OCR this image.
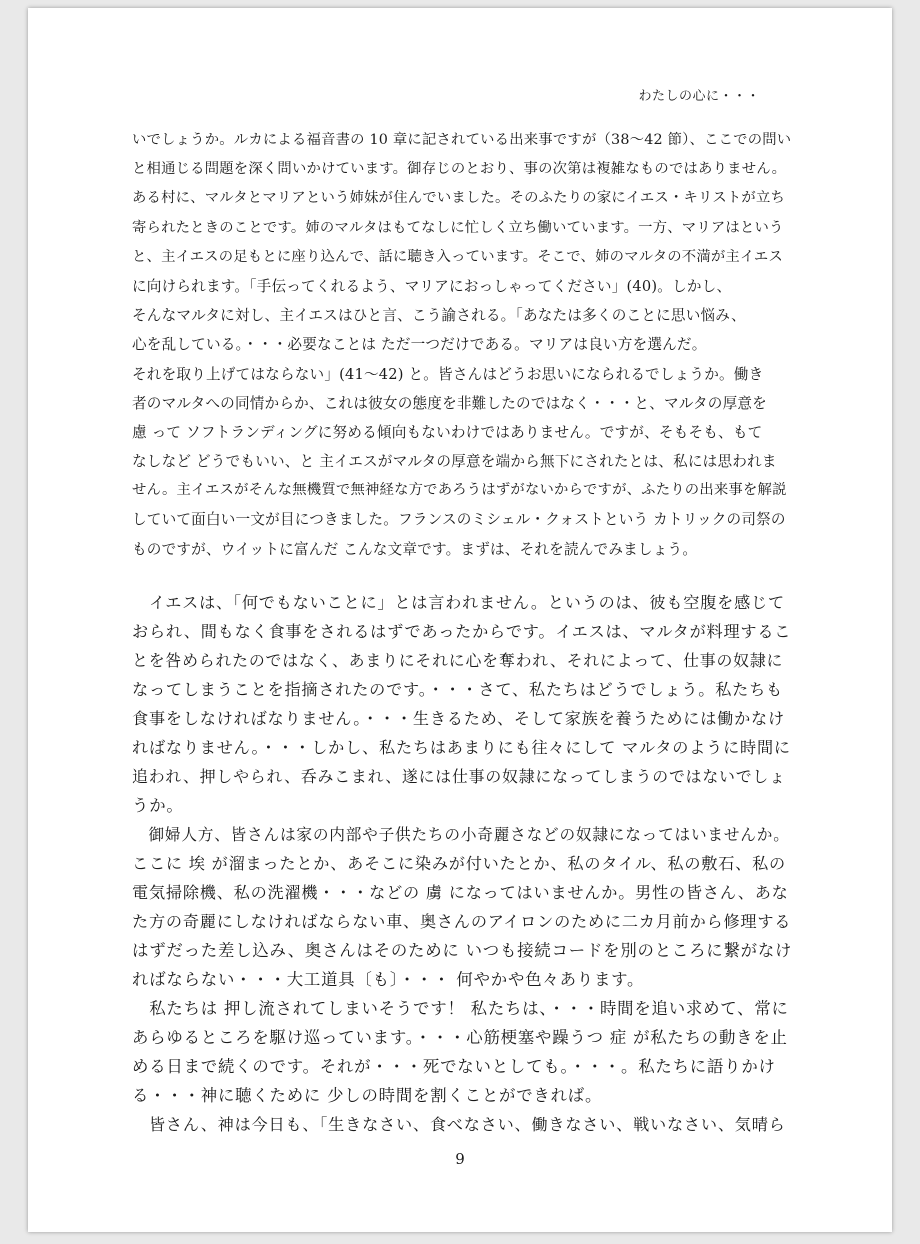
わたしの心に・・・

いでしょうか。ルカによる福音書の 10 章に記されている出来事ですが（38～42 節）、ここでの問い

と相通じる問題を深く問いかけています。御存じのとおり、事の次第は複雑なものではありません。

ある村に、マルタとマリアという姉妹が住んでいました。そのふたりの家にイエス・キリストが立ち

寄られたときのことです。姉のマルタはもてなしに忙しく立ち働いています。一方、マリアはという

と、主イエスの足もとに座り込んで、話に聴き入っています。そこで、姉のマルタの不満が主イエス

に向けられます。「手伝ってくれるよう、マリアにおっしゃってください」(40)。しかし、

そんなマルタに対し、主イエスはひと言、こう諭される。「あなたは多くのことに思い悩み、

心を乱している。・・・必要なことは ただ一つだけである。マリアは良い方を選んだ。

それを取り上げてはならない」(41～42) と。皆さんはどうお思いになられるでしょうか。働き

者のマルタへの同情からか、これは彼女の態度を非難したのではなく・・・と、マルタの厚意を

慮 って ソフトランディングに努める傾向もないわけではありません。ですが、そもそも、もて

なしなど どうでもいい、と 主イエスがマルタの厚意を端から無下にされたとは、私には思われま

せん。主イエスがそんな無機質で無神経な方であろうはずがないからですが、ふたりの出来事を解説

していて面白い一文が目につきました。フランスのミシェル・クォストという カトリックの司祭の

ものですが、ウイットに富んだ こんな文章です。まずは、それを読んでみましょう。

　イエスは、「何でもないことに」とは言われません。というのは、彼も空腹を感じて

おられ、間もなく食事をされるはずであったからです。イエスは、マルタが料理するこ

とを咎められたのではなく、あまりにそれに心を奪われ、それによって、仕事の奴隷に

なってしまうことを指摘されたのです。・・・さて、私たちはどうでしょう。私たちも

食事をしなければなりません。・・・生きるため、そして家族を養うためには働かなけ

ればなりません。・・・しかし、私たちはあまりにも往々にして マルタのように時間に

追われ、押しやられ、呑みこまれ、遂には仕事の奴隷になってしまうのではないでしょ

うか。

　御婦人方、皆さんは家の内部や子供たちの小奇麗さなどの奴隷になってはいませんか。

ここに 埃 が溜まったとか、あそこに染みが付いたとか、私のタイル、私の敷石、私の

電気掃除機、私の洗濯機・・・などの 虜 になってはいませんか。男性の皆さん、あな

た方の奇麗にしなければならない車、奥さんのアイロンのために二カ月前から修理する

はずだった差し込み、奥さんはそのために いつも接続コードを別のところに繋がなけ

ればならない・・・大工道具〔も〕・・・ 何やかや色々あります。

　私たちは 押し流されてしまいそうです！ 私たちは、・・・時間を追い求めて、常に

あらゆるところを駆け巡っています。・・・心筋梗塞や躁うつ 症 が私たちの動きを止

める日まで続くのです。それが・・・死でないとしても。・・・。私たちに語りかけ

る・・・神に聴くために 少しの時間を割くことができれば。

　皆さん、神は今日も、「生きなさい、食べなさい、働きなさい、戦いなさい、気晴ら

9
